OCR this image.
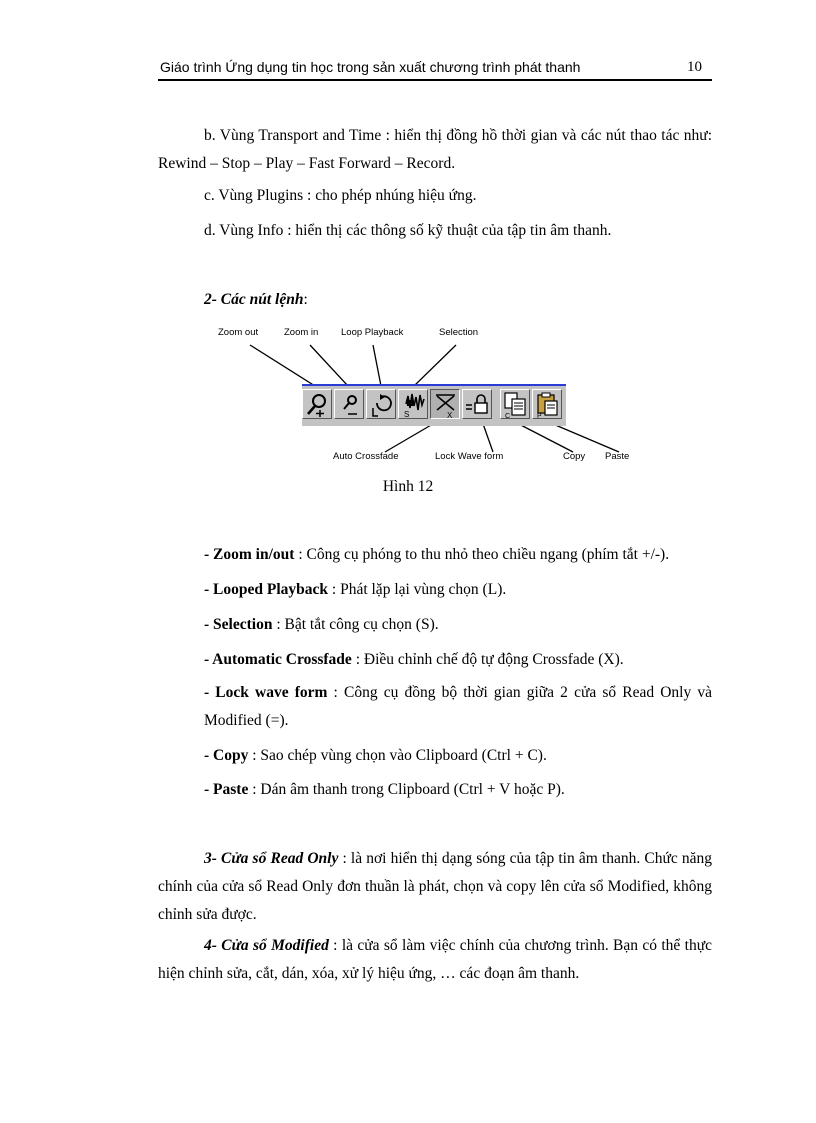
Giáo trình Ứng dụng tin học trong sản xuất chương trình phát thanh	10
b. Vùng Transport and Time : hiển thị đồng hồ thời gian và các nút thao tác như: Rewind – Stop – Play – Fast Forward – Record.
c. Vùng Plugins : cho phép nhúng hiệu ứng.
d. Vùng Info : hiển thị các thông số kỹ thuật của tập tin âm thanh.
2- Các nút lệnh:
Zoom out	Zoom in Loop Playback	Selection
S	X	C	P
Auto Crossfade	Lock Wave form	Copy Paste
Hình 12
- Zoom in/out : Công cụ phóng to thu nhỏ theo chiều ngang (phím tắt +/-).
- Looped Playback : Phát lặp lại vùng chọn (L).
- Selection : Bật tắt công cụ chọn (S).
- Automatic Crossfade : Điều chỉnh chế độ tự động Crossfade (X).
- Lock wave form : Công cụ đồng bộ thời gian giữa 2 cửa sổ Read Only và Modified (=).
- Copy : Sao chép vùng chọn vào Clipboard (Ctrl + C).
- Paste : Dán âm thanh trong Clipboard (Ctrl + V hoặc P).
3- Cửa sổ Read Only : là nơi hiển thị dạng sóng của tập tin âm thanh. Chức năng chính của cửa sổ Read Only đơn thuần là phát, chọn và copy lên cửa sổ Modified, không chỉnh sửa được.
4- Cửa sổ Modified : là cửa sổ làm việc chính của chương trình. Bạn có thể thực hiện chỉnh sửa, cắt, dán, xóa, xử lý hiệu ứng, … các đoạn âm thanh.
